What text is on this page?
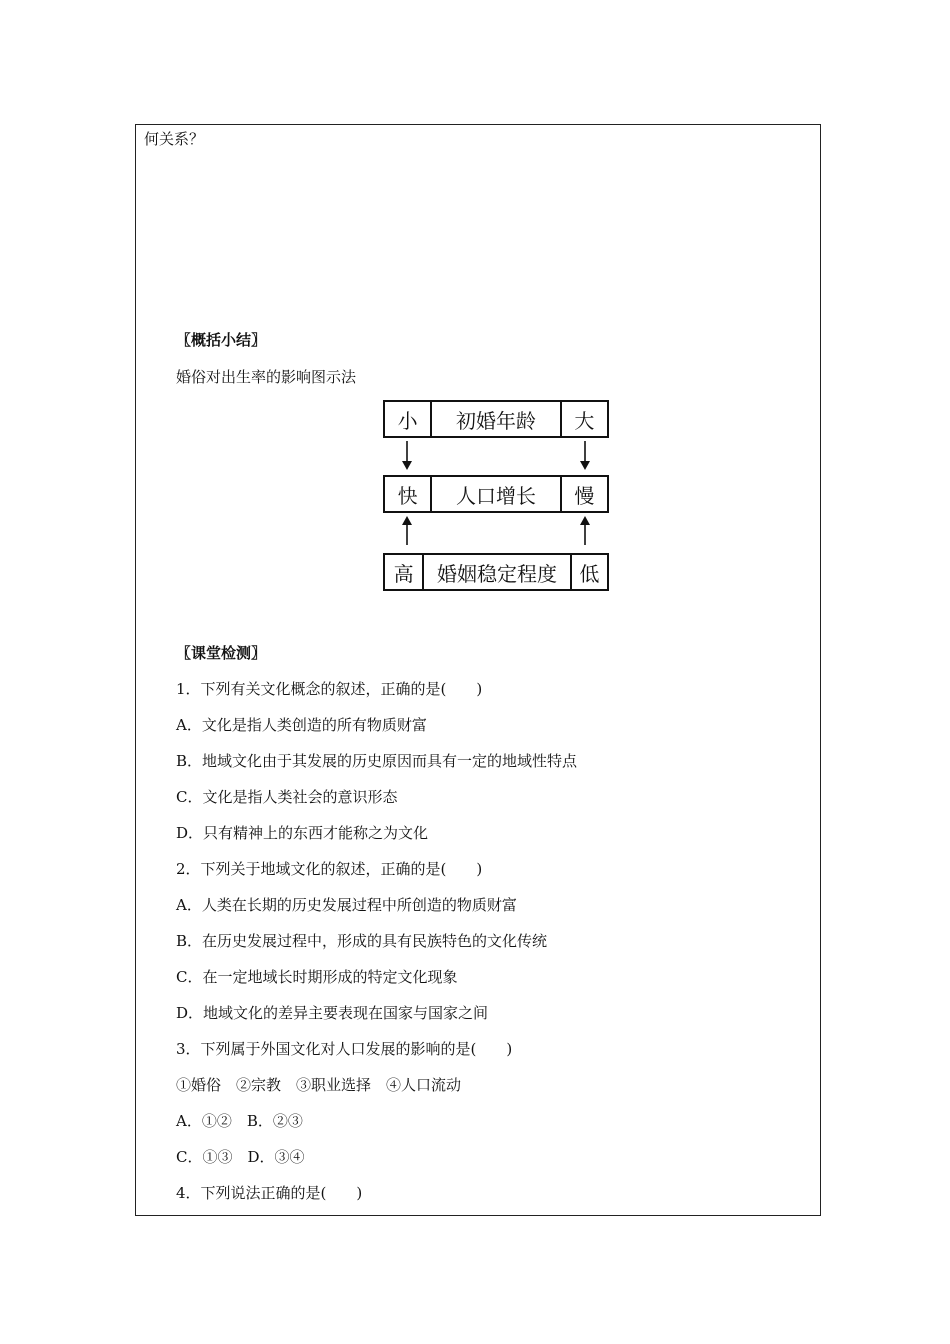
何关系？
〖概括小结〗
婚俗对出生率的影响图示法
小	初婚年龄	大
快	人口增长	慢
高	婚姻稳定程度	低
〖课堂检测〗
1．下列有关文化概念的叙述，正确的是(　　)
A．文化是指人类创造的所有物质财富
B．地域文化由于其发展的历史原因而具有一定的地域性特点
C．文化是指人类社会的意识形态
D．只有精神上的东西才能称之为文化
2．下列关于地域文化的叙述，正确的是(　　)
A．人类在长期的历史发展过程中所创造的物质财富
B．在历史发展过程中，形成的具有民族特色的文化传统
C．在一定地域长时期形成的特定文化现象
D．地域文化的差异主要表现在国家与国家之间
3．下列属于外国文化对人口发展的影响的是(　　)
①婚俗　②宗教　③职业选择　④人口流动
A．①②　B．②③
C．①③　D．③④
4．下列说法正确的是(　　)
